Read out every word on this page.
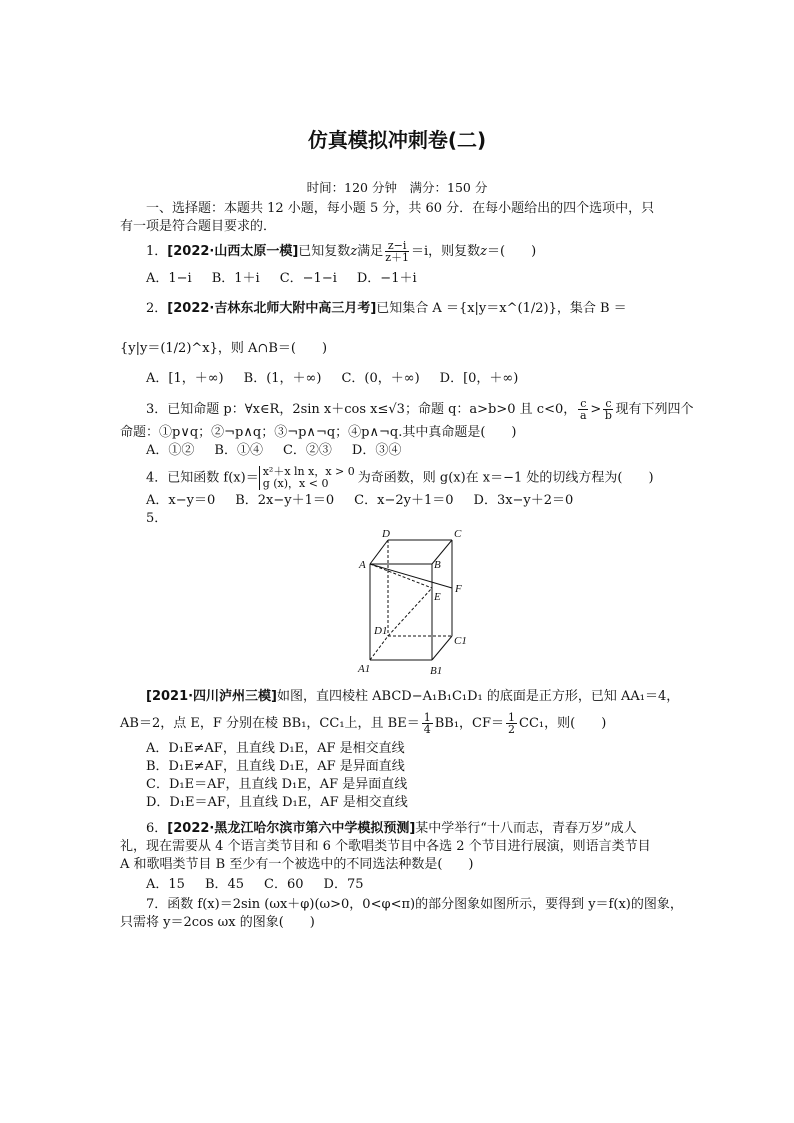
仿真模拟冲刺卷(二)
时间：120 分钟　满分：150 分
一、选择题：本题共 12 小题，每小题 5 分，共 60 分．在每小题给出的四个选项中，只
有一项是符合题目要求的．
1．[2022·山西太原一模]已知复数z满足 $\frac{z-i}{z+1} =i$，则复数z＝(　　)
A．1−i B．1＋i C．−1−i D．−1＋i
2．[2022·吉林东北师大附中高三月考]已知集合 A ＝{x|y＝x^(1/2)}，集合 B ＝
{y|y＝(1/2)^x}，则 A∩B＝(　　)
A．[1，＋∞) B．(1，＋∞) C．(0，＋∞) D．[0，＋∞)
3．已知命题 p：∀x∈R，2sin x＋cos x≤√3；命题 q：a>b>0 且 c<0， $\frac{c}{a} > \frac{c}{b}$ 现有下列四个
命题：①p∨q；②¬p∧q；③¬p∧¬q；④p∧¬q.其中真命题是(　　)
A．①② B．①④ C．②③ D．③④
4．已知函数 f(x)＝ x²＋x ln x，x > 0
g (x)，x < 0	为奇函数，则 g(x)在 x＝−1 处的切线方程为(　　)
A．x−y＝0 B．2x−y＋1＝0 C．x−2y＋1＝0 D．3x−y＋2＝0
5．
D	C
A	B
E
F
D1
C1
A1	B1
[2021·四川泸州三模]如图，直四棱柱 ABCD−A₁B₁C₁D₁ 的底面是正方形，已知 AA₁＝4，
AB＝2，点 E，F 分别在棱 BB₁，CC₁上，且 $BE= \frac{1}{4} BB_1$，$CF= \frac{1}{2} CC_1$，则(　　)
A．D₁E≠AF，且直线 D₁E，AF 是相交直线
B．D₁E≠AF，且直线 D₁E，AF 是异面直线
C．D₁E＝AF，且直线 D₁E，AF 是异面直线
D．D₁E＝AF，且直线 D₁E，AF 是相交直线
6．[2022·黑龙江哈尔滨市第六中学模拟预测]某中学举行“十八而志，青春万岁”成人
礼，现在需要从 4 个语言类节目和 6 个歌唱类节目中各选 2 个节目进行展演，则语言类节目
A 和歌唱类节目 B 至少有一个被选中的不同选法种数是(　　)
A．15 B．45 C．60 D．75
7．函数 f(x)＝2sin (ωx＋φ)(ω>0，0<φ<π)的部分图象如图所示，要得到 y＝f(x)的图象，
只需将 y＝2cos ωx 的图象(　　)
